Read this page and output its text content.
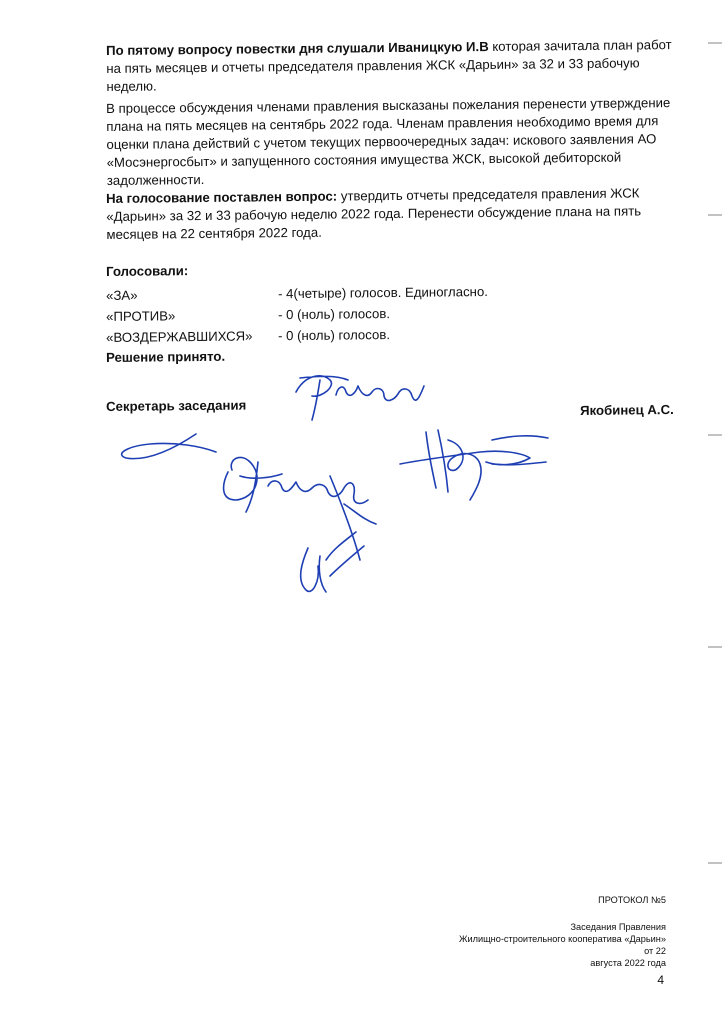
По пятому вопросу повестки дня слушали Иваницкую И.В которая зачитала план работ на пять месяцев и отчеты председателя правления ЖСК «Дарьин» за 32 и 33 рабочую неделю.

В процессе обсуждения членами правления высказаны пожелания перенести утверждение плана на пять месяцев на сентябрь 2022 года. Членам правления необходимо время для оценки плана действий с учетом текущих первоочередных задач: искового заявления АО «Мосэнергосбыт» и запущенного состояния имущества ЖСК, высокой дебиторской задолженности.

На голосование поставлен вопрос: утвердить отчеты председателя правления ЖСК «Дарьин» за 32 и 33 рабочую неделю 2022 года. Перенести обсуждение плана на пять месяцев на 22 сентября 2022 года.

Голосовали:
«ЗА»	- 4(четыре) голосов. Единогласно.
«ПРОТИВ»	- 0 (ноль) голосов.
«ВОЗДЕРЖАВШИХСЯ» - 0 (ноль) голосов.
Решение принято.
Секретарь заседания	Якобинец А.С.
ПРОТОКОЛ №5
Заседания Правления
Жилищно-строительного кооператива «Дарьин»
от 22
августа 2022 года
4
